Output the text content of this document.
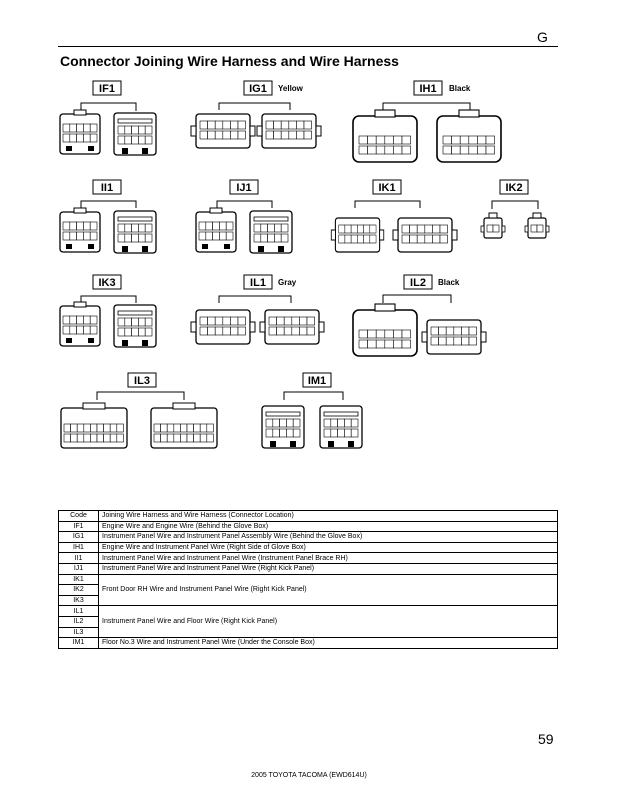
G
Connector Joining Wire Harness and Wire Harness
IF1	IG1	IH1
II1	IJ1	IK1	IK2
IK3	IL1	IL2
IL3	IM1
Yellow	Black
Gray	Black
Code	Joining Wire Harness and Wire Harness (Connector Location)
IF1	Engine Wire and Engine Wire (Behind the Glove Box)
IG1	Instrument Panel Wire and Instrument Panel Assembly Wire (Behind the Glove Box)
IH1	Engine Wire and Instrument Panel Wire (Right Side of Glove Box)
II1	Instrument Panel Wire and Instrument Panel Wire (Instrument Panel Brace RH)
IJ1	Instrument Panel Wire and Instrument Panel Wire (Right Kick Panel)
IK1	Front Door RH Wire and Instrument Panel Wire (Right Kick Panel)
IK2	
IK3	
IL1	Instrument Panel Wire and Floor Wire (Right Kick Panel)
IL2	
IL3	
IM1	Floor No.3 Wire and Instrument Panel Wire (Under the Console Box)
59
2005 TOYOTA TACOMA (EWD614U)
